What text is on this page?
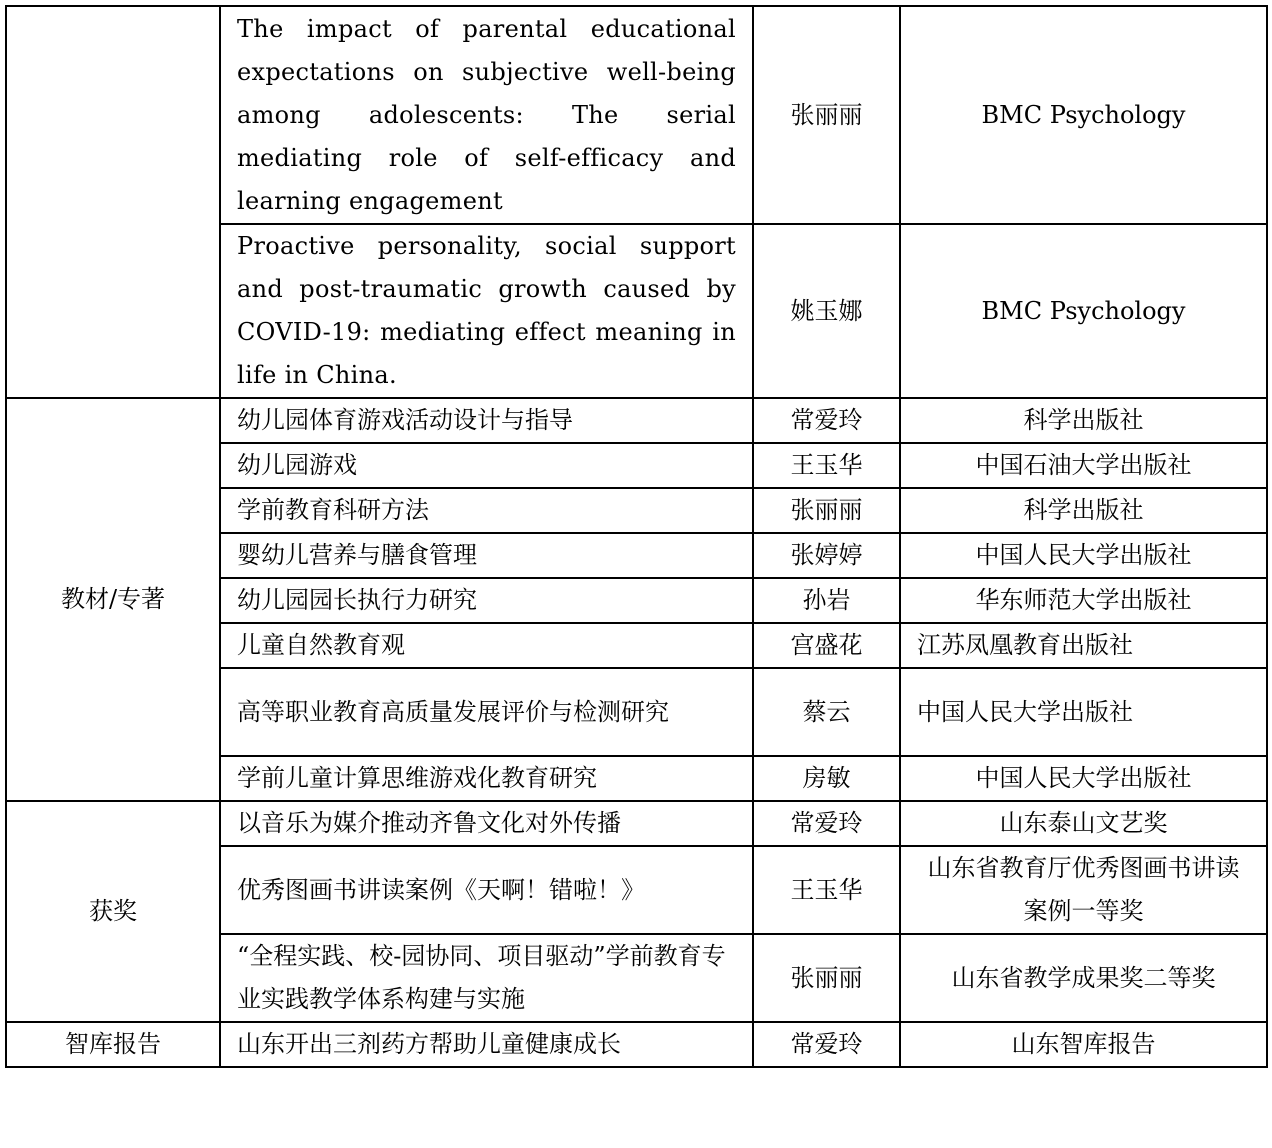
	The impact of parental educational expectations on subjective well-being among adolescents: The serial mediating role of self-efficacy and learning engagement	张丽丽	BMC Psychology
	Proactive personality, social support and post-traumatic growth caused by COVID-19: mediating effect meaning in life in China.	姚玉娜	BMC Psychology
教材/专著	幼儿园体育游戏活动设计与指导	常爱玲	科学出版社
	幼儿园游戏	王玉华	中国石油大学出版社
	学前教育科研方法	张丽丽	科学出版社
	婴幼儿营养与膳食管理	张婷婷	中国人民大学出版社
	幼儿园园长执行力研究	孙岩	华东师范大学出版社
	儿童自然教育观	宫盛花	江苏凤凰教育出版社
	高等职业教育高质量发展评价与检测研究	蔡云	中国人民大学出版社
	学前儿童计算思维游戏化教育研究	房敏	中国人民大学出版社
获奖	以音乐为媒介推动齐鲁文化对外传播	常爱玲	山东泰山文艺奖
	优秀图画书讲读案例《天啊！错啦！》	王玉华	山东省教育厅优秀图画书讲读案例一等奖
	“全程实践、校-园协同、项目驱动”学前教育专业实践教学体系构建与实施	张丽丽	山东省教学成果奖二等奖
智库报告	山东开出三剂药方帮助儿童健康成长	常爱玲	山东智库报告
